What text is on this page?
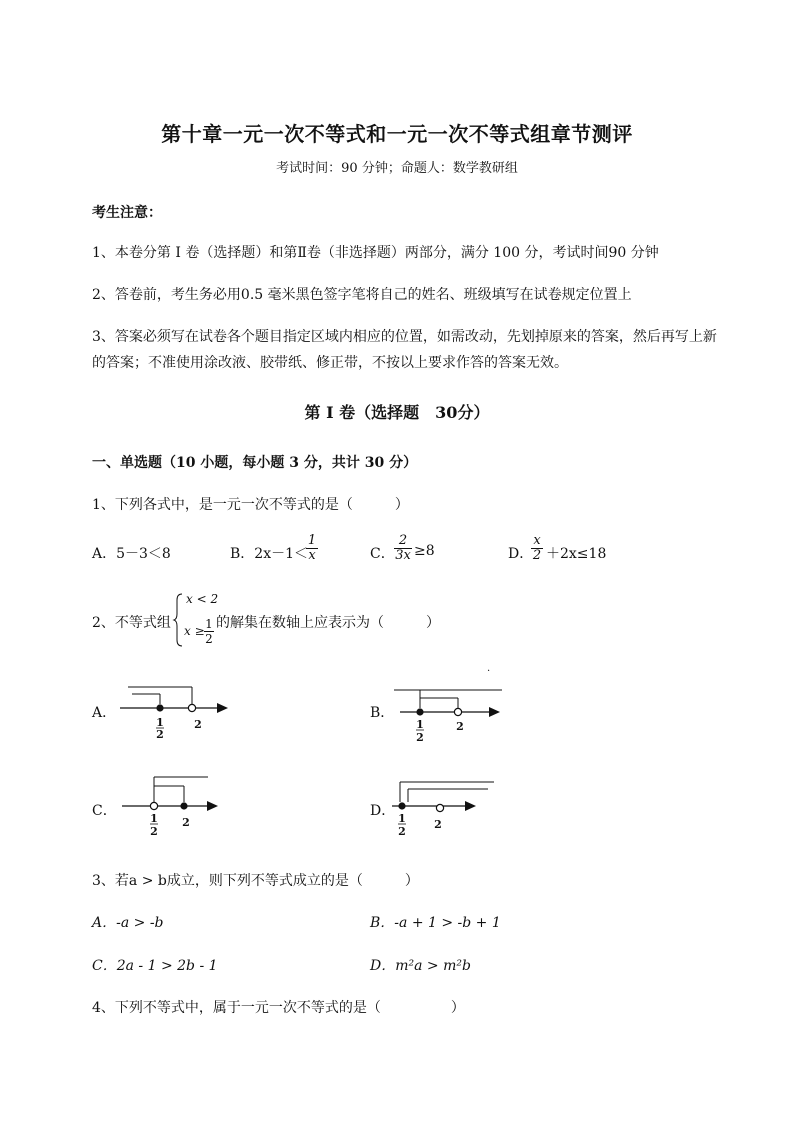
第十章一元一次不等式和一元一次不等式组章节测评
考试时间：90 分钟；命题人：数学教研组
考生注意：
1、本卷分第 I 卷（选择题）和第Ⅱ卷（非选择题）两部分，满分 100 分，考试时间90 分钟
2、答卷前，考生务必用0.5 毫米黑色签字笔将自己的姓名、班级填写在试卷规定位置上
3、答案必须写在试卷各个题目指定区域内相应的位置，如需改动，先划掉原来的答案，然后再写上新
的答案；不准使用涂改液、胶带纸、修正带，不按以上要求作答的答案无效。
第 I 卷（选择题　30分）
一、单选题（10 小题，每小题 3 分，共计 30 分）
1、下列各式中，是一元一次不等式的是（　　　）
A．5－3＜8	B．2x－1＜
$\frac{1}{x}$	C． $\frac{2}{3x} \ge 8$	D．
$\frac{x}{2} +2x\le 18$
2、不等式组
x < 2
$x \ge \frac{1}{2}$ 的解集在数轴上应表示为（　　　）
.
A．
1
2
2
B．
1
2
2
C．	1
2
2
D． 1
2
2
3、若a > b成立，则下列不等式成立的是（　　　）
A．-a > -b	B．-a + 1 > -b + 1
C．2a - 1 > 2b - 1	D．m²a > m²b
4、下列不等式中，属于一元一次不等式的是（　　　　　）
